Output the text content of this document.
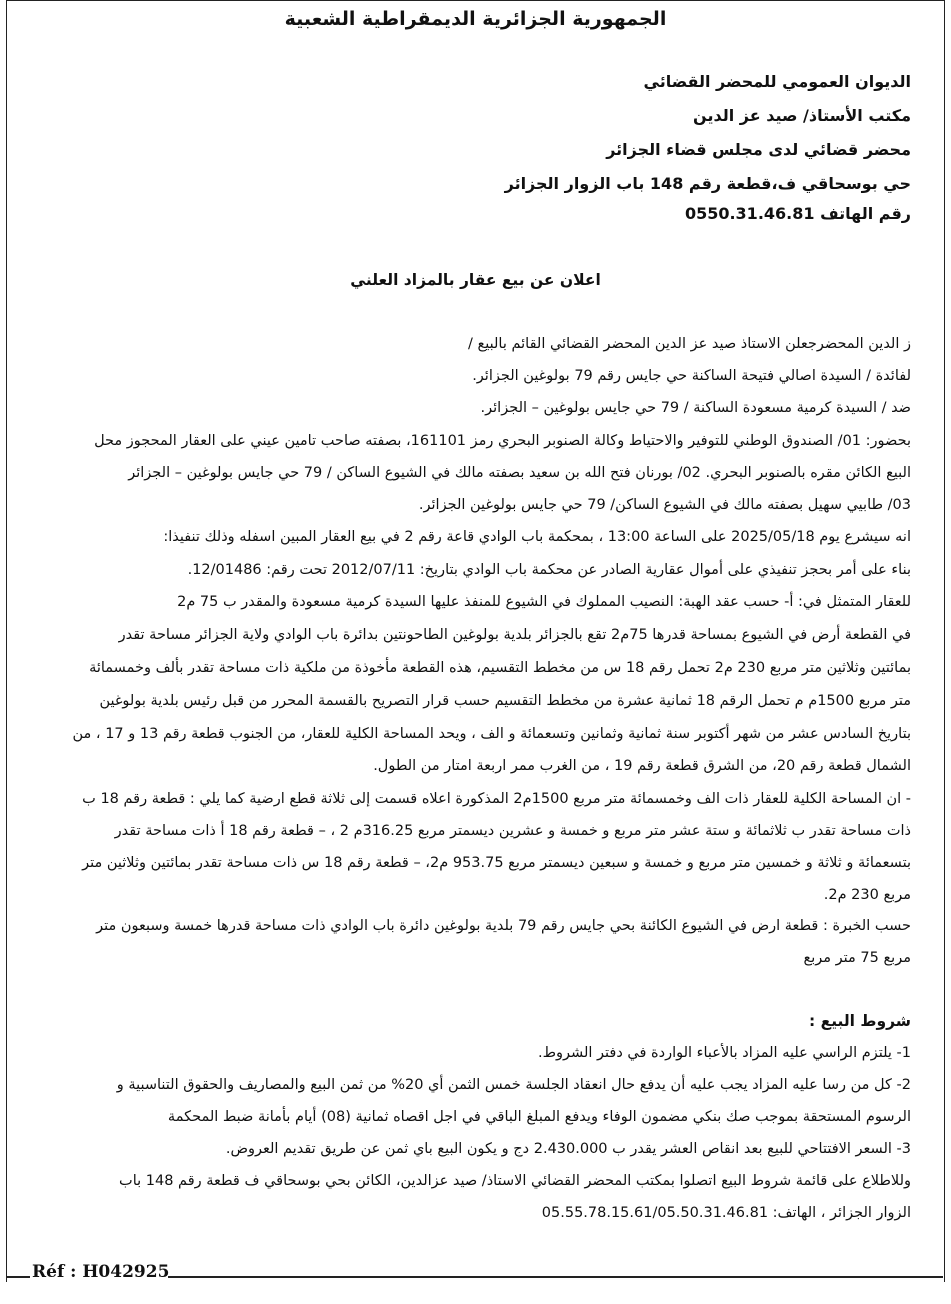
الجمهورية الجزائرية الديمقراطية الشعبية
الديوان العمومي للمحضر القضائي
مكتب الأستاذ/ صيد عز الدين
محضر قضائي لدى مجلس قضاء الجزائر
حي بوسحاقي ف،قطعة رقم 148 باب الزوار الجزائر
رقم الهاتف 0550.31.46.81
اعلان عن بيع عقار بالمزاد العلني
ز الدين المحضرجعلن الاستاذ صيد عز الدين المحضر القضائي القائم بالبيع /
لفائدة / السيدة اصالي فتيحة الساكنة حي جايس رقم 79 بولوغين الجزائر.
ضد / السيدة كرمية مسعودة الساكنة / 79 حي جايس بولوغين – الجزائر.
بحضور: 01/ الصندوق الوطني للتوفير والاحتياط وكالة الصنوبر البحري رمز 161101، بصفته صاحب تامين عيني على العقار المحجوز محل
البيع الكائن مقره بالصنوبر البحري. 02/ بورنان فتح الله بن سعيد بصفته مالك في الشيوع الساكن / 79 حي جايس بولوغين – الجزائر
03/ طابيي سهيل بصفته مالك في الشيوع الساكن/ 79 حي جايس بولوغين الجزائر.
انه سيشرع يوم 2025/05/18 على الساعة 13:00 ، بمحكمة باب الوادي قاعة رقم 2 في بيع العقار المبين اسفله وذلك تنفيذا:
بناء على أمر بحجز تنفيذي على أموال عقارية الصادر عن محكمة باب الوادي بتاريخ: 2012/07/11 تحت رقم: 12/01486.
للعقار المتمثل في: أ- حسب عقد الهبة: النصيب المملوك في الشيوع للمنفذ عليها السيدة كرمية مسعودة والمقدر ب 75 م2
في القطعة أرض في الشيوع بمساحة قدرها 75م2 تقع بالجزائر بلدية بولوغين الطاحونتين بدائرة باب الوادي ولاية الجزائر مساحة تقدر
بمائتين وثلاثين متر مربع 230 م2 تحمل رقم 18 س من مخطط التقسيم، هذه القطعة مأخوذة من ملكية ذات مساحة تقدر بألف وخمسمائة
متر مربع 1500م م تحمل الرقم 18 ثمانية عشرة من مخطط التقسيم حسب قرار التصريح بالقسمة المحرر من قبل رئيس بلدية بولوغين
بتاريخ السادس عشر من شهر أكتوبر سنة ثمانية وثمانين وتسعمائة و الف ، ويحد المساحة الكلية للعقار، من الجنوب قطعة رقم 13 و 17 ، من
الشمال قطعة رقم 20، من الشرق قطعة رقم 19 ، من الغرب ممر اربعة امتار من الطول.
- ان المساحة الكلية للعقار ذات الف وخمسمائة متر مربع 1500م2 المذكورة اعلاه قسمت إلى ثلاثة قطع ارضية كما يلي : قطعة رقم 18 ب
ذات مساحة تقدر ب ثلاثمائة و ستة عشر متر مربع و خمسة و عشرين ديسمتر مربع 316.25م 2 ، – قطعة رقم 18 أ ذات مساحة تقدر
بتسعمائة و ثلاثة و خمسين متر مربع و خمسة و سبعين ديسمتر مربع 953.75 م2، – قطعة رقم 18 س ذات مساحة تقدر بمائتين وثلاثين متر
مربع 230 م2.
حسب الخبرة : قطعة ارض في الشيوع الكائنة بحي جايس رقم 79 بلدية بولوغين دائرة باب الوادي ذات مساحة قدرها خمسة وسبعون متر
مربع 75 متر مربع
شروط البيع :
1- يلتزم الراسي عليه المزاد بالأعباء الواردة في دفتر الشروط.
2- كل من رسا عليه المزاد يجب عليه أن يدفع حال انعقاد الجلسة خمس الثمن أي 20% من ثمن البيع والمصاريف والحقوق التناسبية و
الرسوم المستحقة بموجب صك بنكي مضمون الوفاء ويدفع المبلغ الباقي في اجل اقصاه ثمانية (08) أيام بأمانة ضبط المحكمة
3- السعر الافتتاحي للبيع بعد انقاص العشر يقدر ب 2.430.000 دج و يكون البيع باي ثمن عن طريق تقديم العروض.
وللاطلاع على قائمة شروط البيع اتصلوا بمكتب المحضر القضائي الاستاذ/ صيد عزالدين، الكائن بحي بوسحاقي ف قطعة رقم 148 باب
الزوار الجزائر ، الهاتف: 05.55.78.15.61/05.50.31.46.81
Réf : H042925
